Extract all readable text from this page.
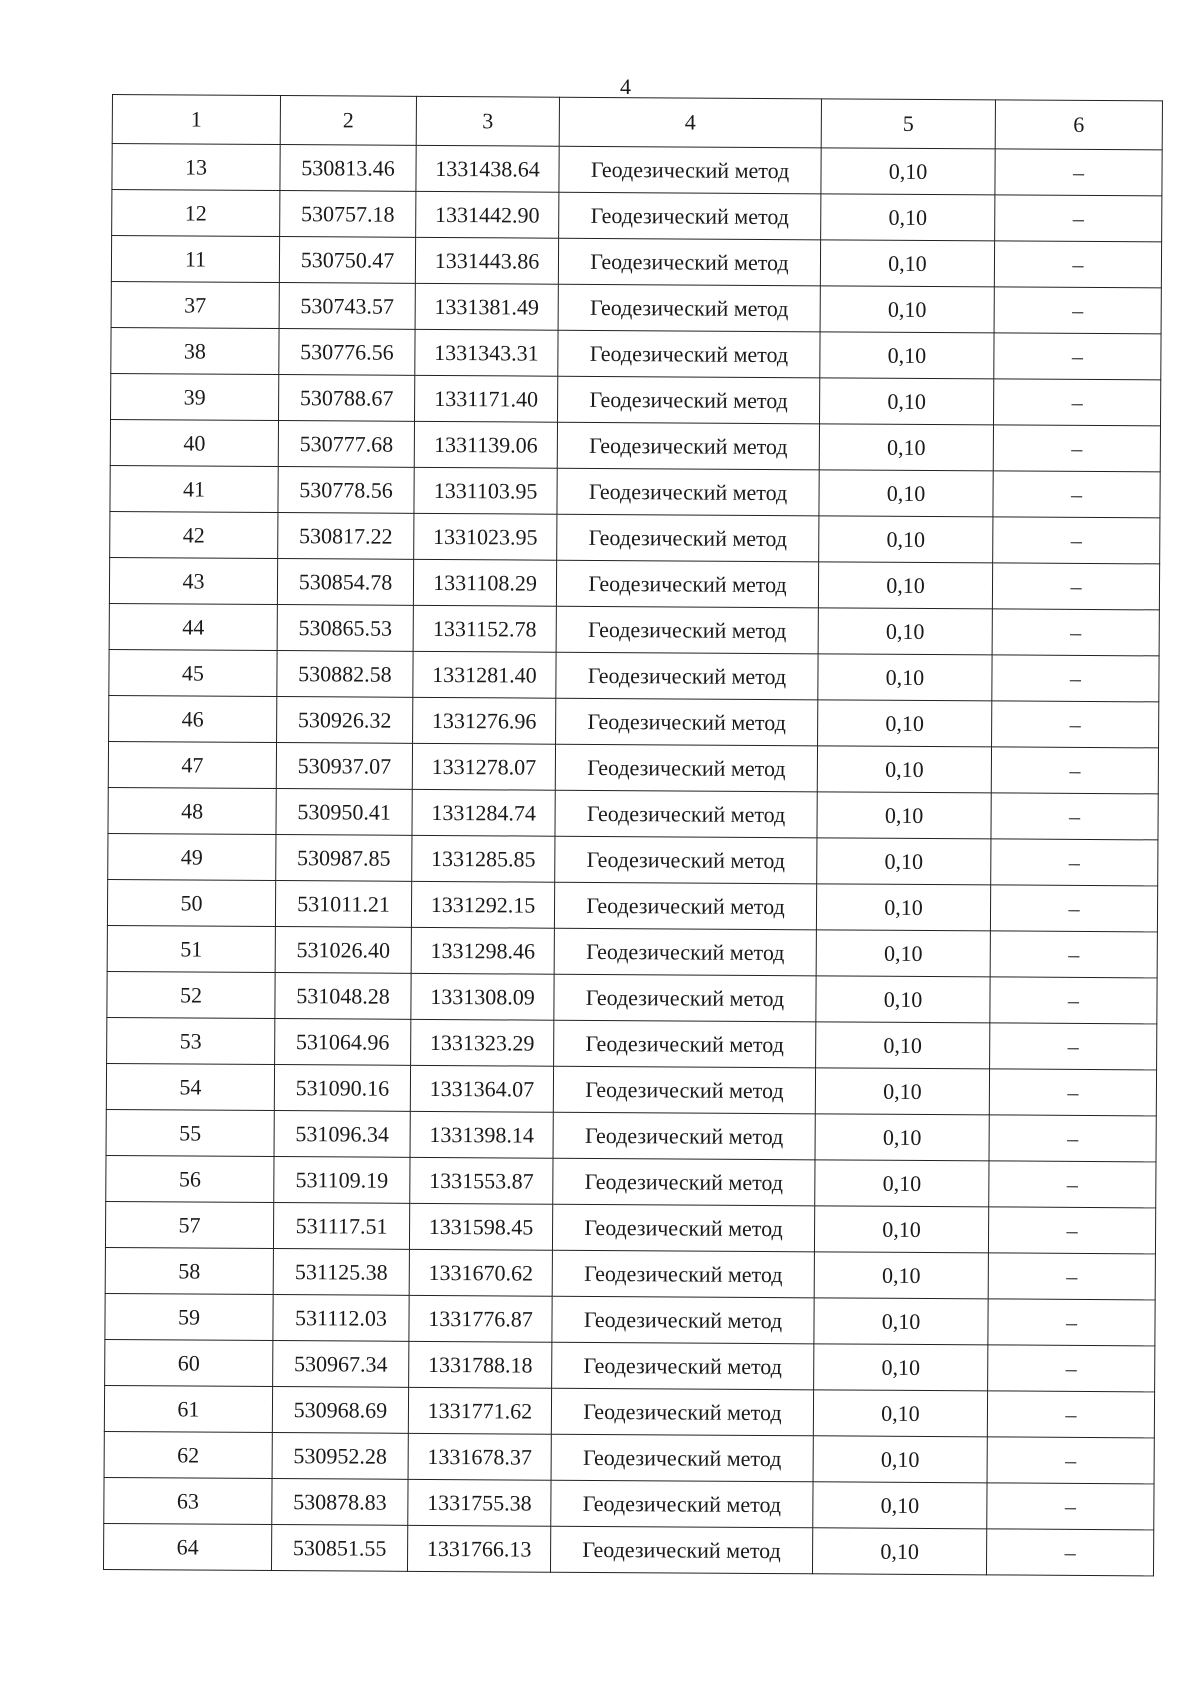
4
1	2	3	4	5	6
13	530813.46	1331438.64	Геодезический метод	0,10	–
12	530757.18	1331442.90	Геодезический метод	0,10	–
11	530750.47	1331443.86	Геодезический метод	0,10	–
37	530743.57	1331381.49	Геодезический метод	0,10	–
38	530776.56	1331343.31	Геодезический метод	0,10	–
39	530788.67	1331171.40	Геодезический метод	0,10	–
40	530777.68	1331139.06	Геодезический метод	0,10	–
41	530778.56	1331103.95	Геодезический метод	0,10	–
42	530817.22	1331023.95	Геодезический метод	0,10	–
43	530854.78	1331108.29	Геодезический метод	0,10	–
44	530865.53	1331152.78	Геодезический метод	0,10	–
45	530882.58	1331281.40	Геодезический метод	0,10	–
46	530926.32	1331276.96	Геодезический метод	0,10	–
47	530937.07	1331278.07	Геодезический метод	0,10	–
48	530950.41	1331284.74	Геодезический метод	0,10	–
49	530987.85	1331285.85	Геодезический метод	0,10	–
50	531011.21	1331292.15	Геодезический метод	0,10	–
51	531026.40	1331298.46	Геодезический метод	0,10	–
52	531048.28	1331308.09	Геодезический метод	0,10	–
53	531064.96	1331323.29	Геодезический метод	0,10	–
54	531090.16	1331364.07	Геодезический метод	0,10	–
55	531096.34	1331398.14	Геодезический метод	0,10	–
56	531109.19	1331553.87	Геодезический метод	0,10	–
57	531117.51	1331598.45	Геодезический метод	0,10	–
58	531125.38	1331670.62	Геодезический метод	0,10	–
59	531112.03	1331776.87	Геодезический метод	0,10	–
60	530967.34	1331788.18	Геодезический метод	0,10	–
61	530968.69	1331771.62	Геодезический метод	0,10	–
62	530952.28	1331678.37	Геодезический метод	0,10	–
63	530878.83	1331755.38	Геодезический метод	0,10	–
64	530851.55	1331766.13	Геодезический метод	0,10	–
